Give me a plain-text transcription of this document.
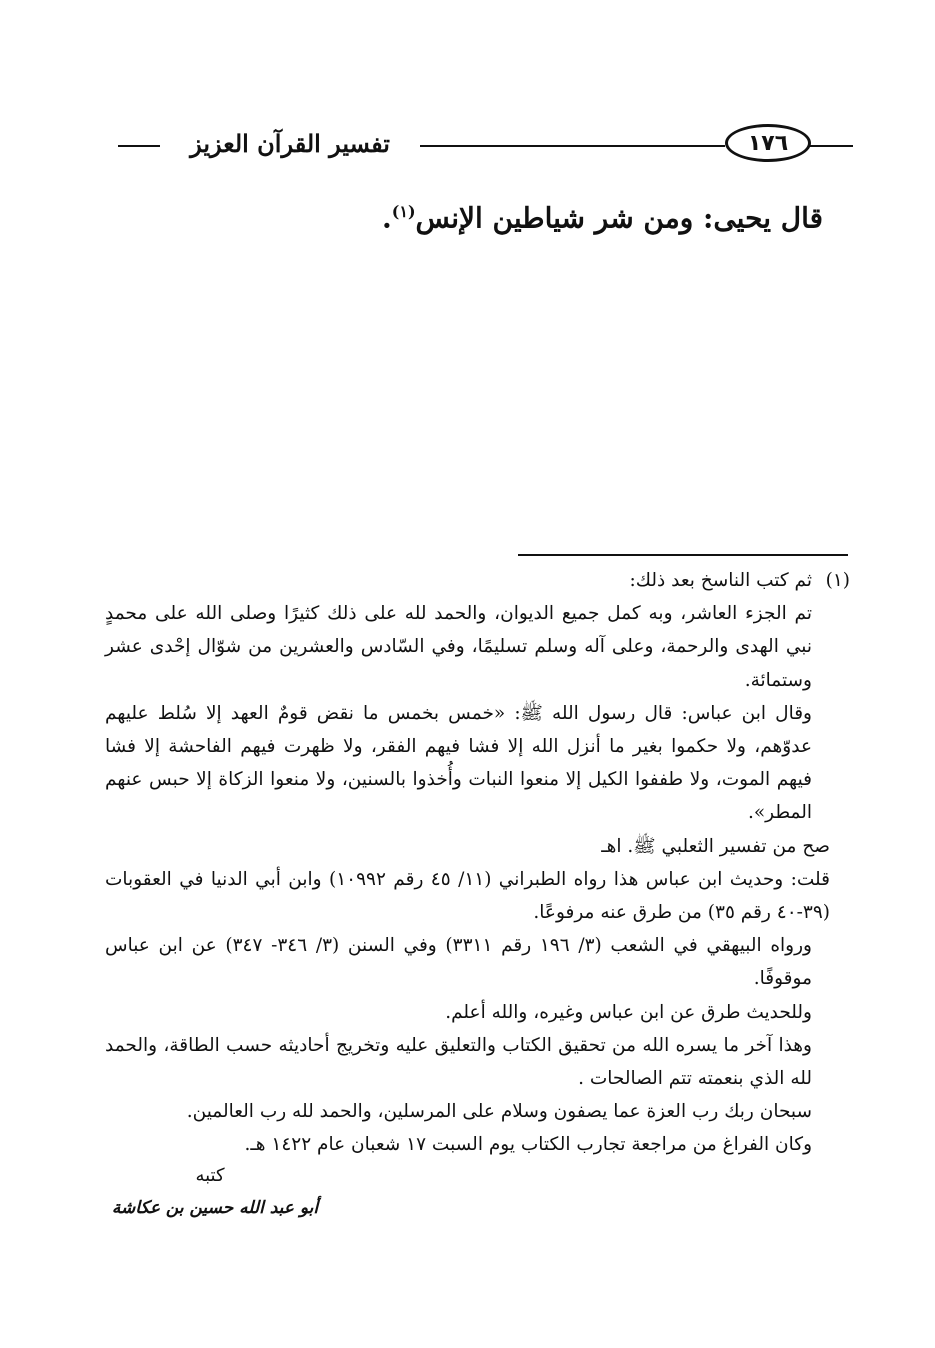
١٧٦
تفسير القرآن العزيز
قال يحيى: ومن شر شياطين الإنس$^{(١)}$.
(١)

ثم كتب الناسخ بعد ذلك:

تم الجزء العاشر، وبه كمل جميع الديوان، والحمد لله على ذلك كثيرًا وصلى الله على محمدٍ نبي الهدى والرحمة، وعلى آله وسلم تسليمًا، وفي السّادس والعشرين من شوّال إحْدى عشر وستمائة.

وقال ابن عباس: قال رسول الله ﷺ: «خمس بخمس ما نقض قومٌ العهد إلا سُلط عليهم عدوّهم، ولا حكموا بغير ما أنزل الله إلا فشا فيهم الفقر، ولا ظهرت فيهم الفاحشة إلا فشا فيهم الموت، ولا طففوا الكيل إلا منعوا النبات وأُخذوا بالسنين، ولا منعوا الزكاة إلا حبس عنهم المطر».

صح من تفسير الثعلبي ﷺ. اهـ

قلت: وحديث ابن عباس هذا رواه الطبراني (١١/ ٤٥ رقم ١٠٩٩٢) وابن أبي الدنيا في العقوبات (٣٩-٤٠ رقم ٣٥) من طرق عنه مرفوعًا.

ورواه البيهقي في الشعب (٣/ ١٩٦ رقم ٣٣١١) وفي السنن (٣/ ٣٤٦- ٣٤٧) عن ابن عباس موقوفًا.

وللحديث طرق عن ابن عباس وغيره، والله أعلم.

وهذا آخر ما يسره الله من تحقيق الكتاب والتعليق عليه وتخريج أحاديثه حسب الطاقة، والحمد لله الذي بنعمته تتم الصالحات .

سبحان ربك رب العزة عما يصفون وسلام على المرسلين، والحمد لله رب العالمين.

وكان الفراغ من مراجعة تجارب الكتاب يوم السبت ١٧ شعبان عام ١٤٢٢ هـ.

كتبه
أبو عبد الله حسين بن عكاشة
